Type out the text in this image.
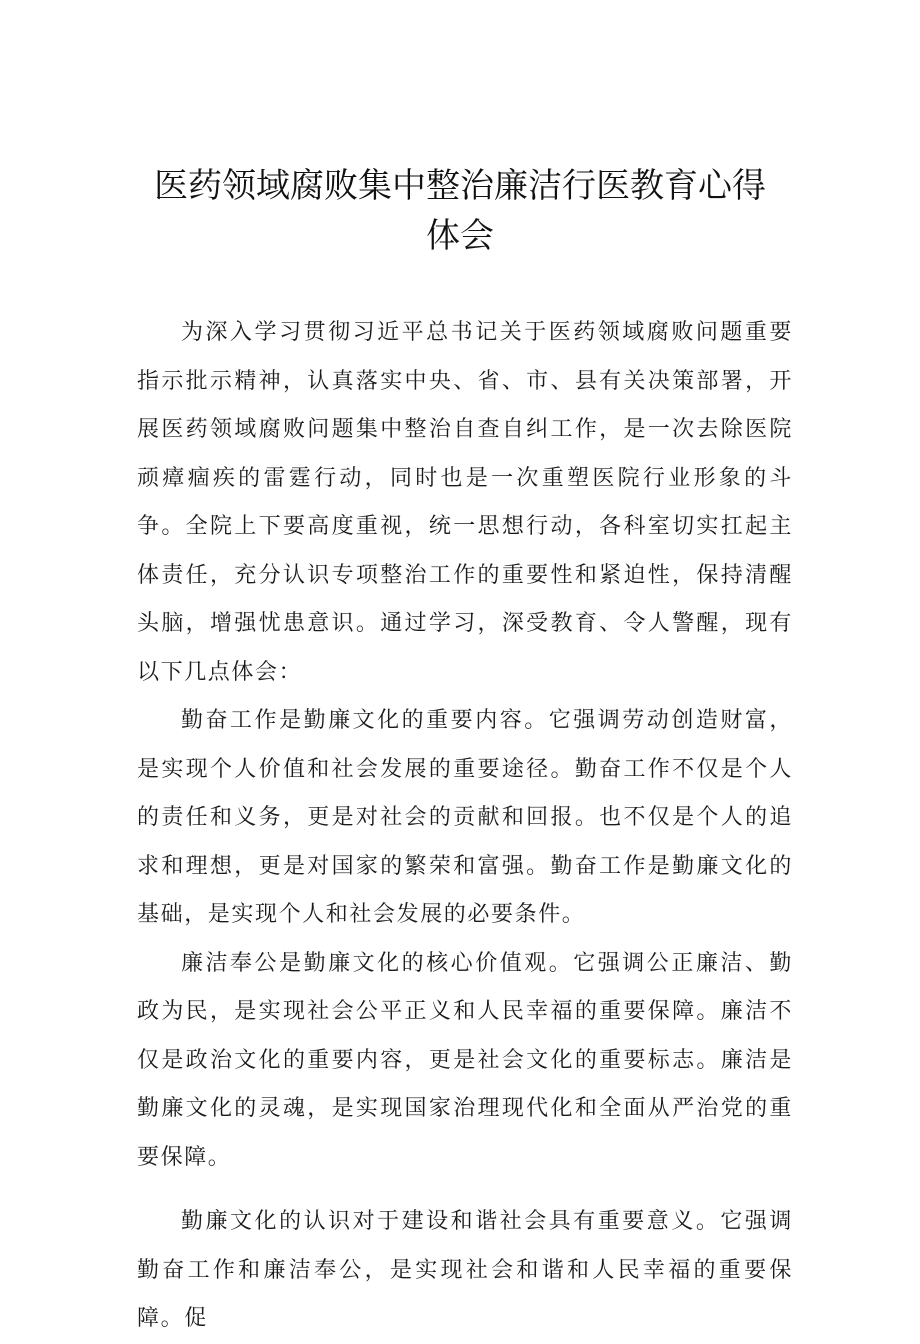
医药领域腐败集中整治廉洁行医教育心得
体会

为深入学习贯彻习近平总书记关于医药领域腐败问题重要指示批示精神，认真落实中央、省、市、县有关决策部署，开展医药领域腐败问题集中整治自查自纠工作，是一次去除医院顽瘴痼疾的雷霆行动，同时也是一次重塑医院行业形象的斗争。全院上下要高度重视，统一思想行动，各科室切实扛起主体责任，充分认识专项整治工作的重要性和紧迫性，保持清醒头脑，增强忧患意识。通过学习，深受教育、令人警醒，现有以下几点体会：

勤奋工作是勤廉文化的重要内容。它强调劳动创造财富，是实现个人价值和社会发展的重要途径。勤奋工作不仅是个人的责任和义务，更是对社会的贡献和回报。也不仅是个人的追求和理想，更是对国家的繁荣和富强。勤奋工作是勤廉文化的基础，是实现个人和社会发展的必要条件。

廉洁奉公是勤廉文化的核心价值观。它强调公正廉洁、勤政为民，是实现社会公平正义和人民幸福的重要保障。廉洁不仅是政治文化的重要内容，更是社会文化的重要标志。廉洁是勤廉文化的灵魂，是实现国家治理现代化和全面从严治党的重要保障。

勤廉文化的认识对于建设和谐社会具有重要意义。它强调勤奋工作和廉洁奉公，是实现社会和谐和人民幸福的重要保障。促
